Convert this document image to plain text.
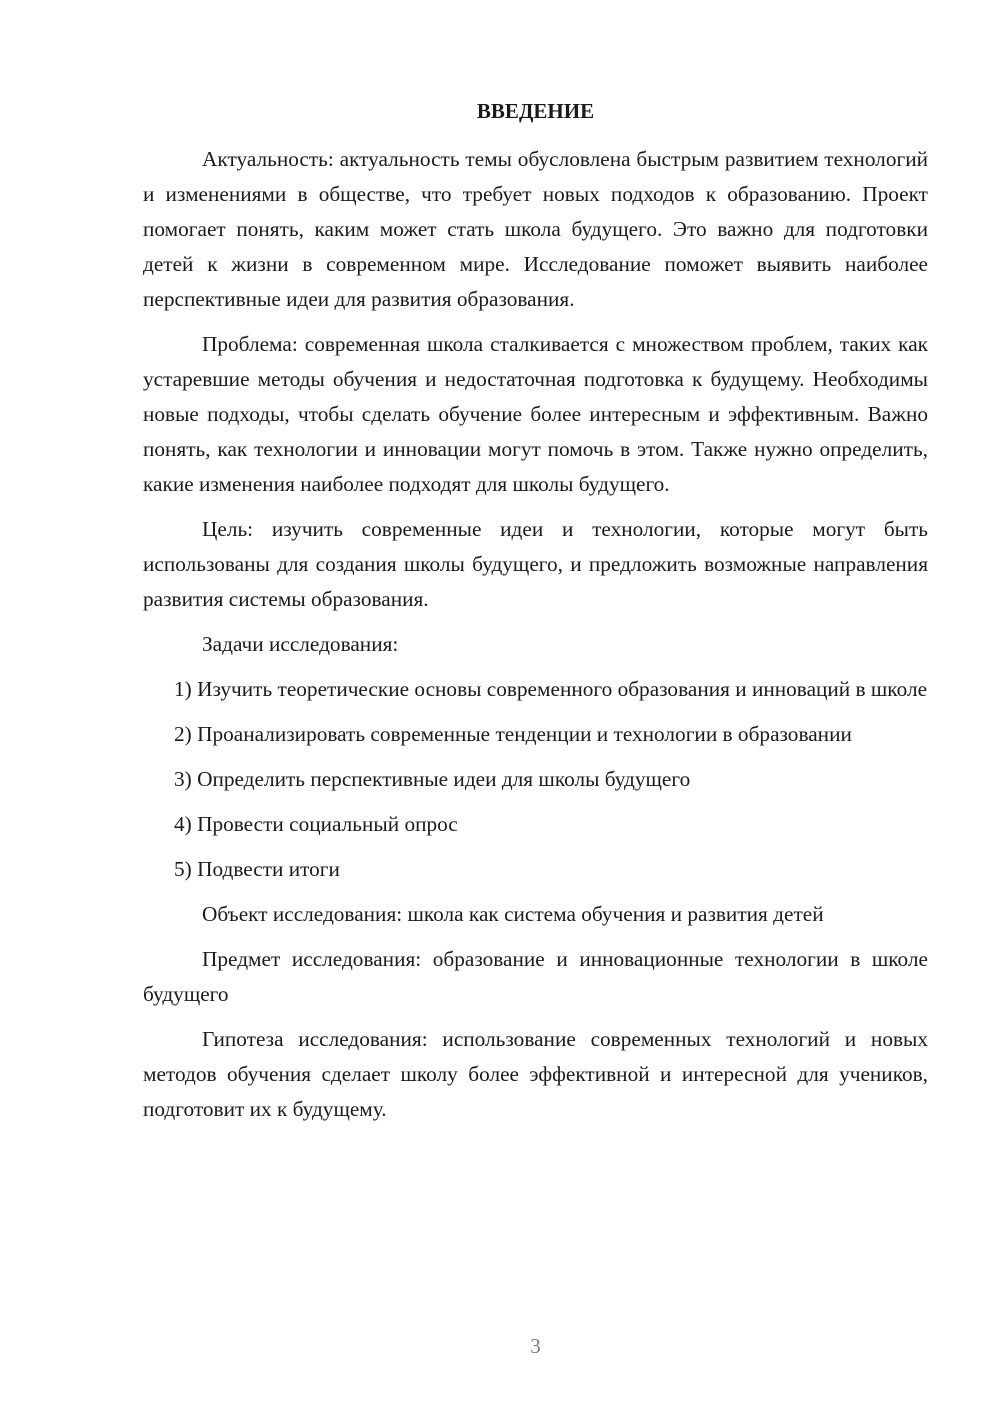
ВВЕДЕНИЕ

Актуальность: актуальность темы обусловлена быстрым развитием технологий и изменениями в обществе, что требует новых подходов к образованию. Проект помогает понять, каким может стать школа будущего. Это важно для подготовки детей к жизни в современном мире. Исследование поможет выявить наиболее перспективные идеи для развития образования.

Проблема: современная школа сталкивается с множеством проблем, таких как устаревшие методы обучения и недостаточная подготовка к будущему. Необходимы новые подходы, чтобы сделать обучение более интересным и эффективным. Важно понять, как технологии и инновации могут помочь в этом. Также нужно определить, какие изменения наиболее подходят для школы будущего.

Цель: изучить современные идеи и технологии, которые могут быть использованы для создания школы будущего, и предложить возможные направления развития системы образования.

Задачи исследования:

1) Изучить теоретические основы современного образования и инноваций в школе

2) Проанализировать современные тенденции и технологии в образовании

3) Определить перспективные идеи для школы будущего

4) Провести социальный опрос

5) Подвести итоги

Объект исследования: школа как система обучения и развития детей

Предмет исследования: образование и инновационные технологии в школе будущего

Гипотеза исследования: использование современных технологий и новых методов обучения сделает школу более эффективной и интересной для учеников, подготовит их к будущему.

3
